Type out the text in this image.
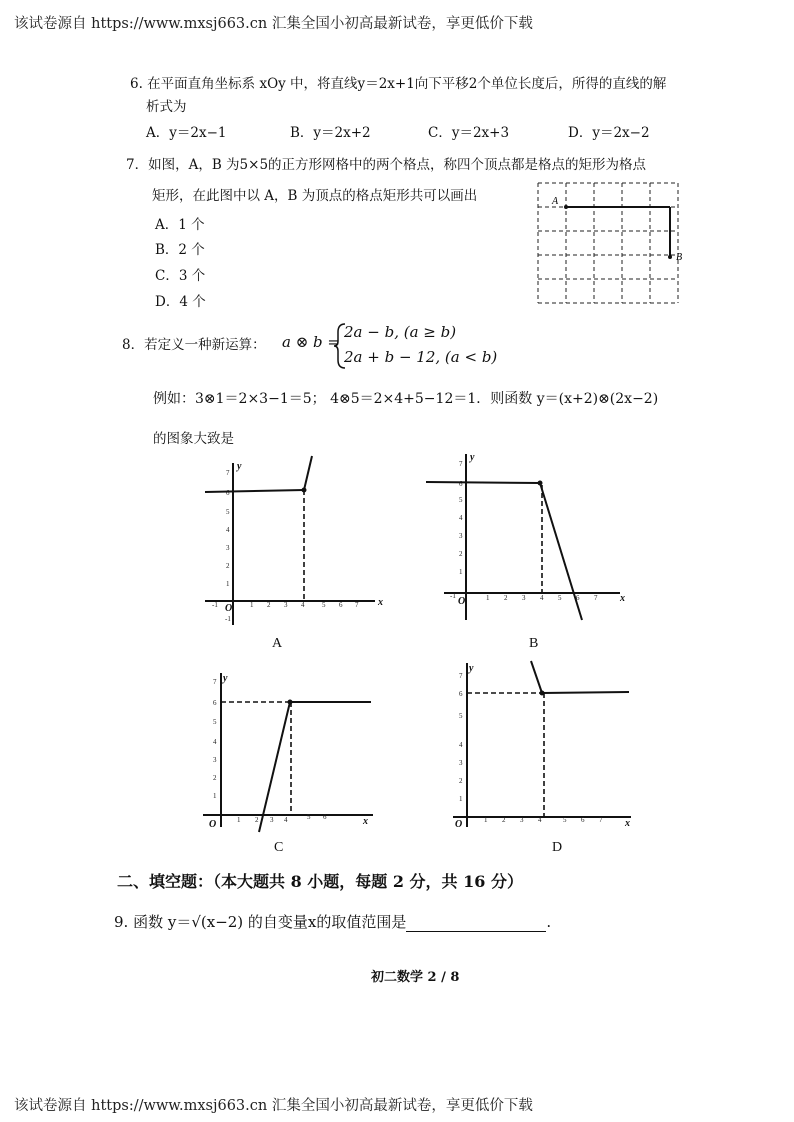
该试卷源自 https://www.mxsj663.cn 汇集全国小初高最新试卷，享更低价下载
6. 在平面直角坐标系 xOy 中，将直线y＝2x+1向下平移2个单位长度后，所得的直线的解
析式为
A．y＝2x−1	B．y＝2x+2	C．y＝2x+3	D．y＝2x−2
7．如图，A，B 为5×5的正方形网格中的两个格点，称四个顶点都是格点的矩形为格点
矩形，在此图中以 A，B 为顶点的格点矩形共可以画出
A．1 个
B．2 个
C．3 个
D．4 个
A
B
8．若定义一种新运算： a ⊗ b =
2a − b, (a ≥ b)
2a + b − 12, (a < b)
例如：3⊗1＝2×3−1＝5； 4⊗5＝2×4+5−12＝1．则函数 y＝(x+2)⊗(2x−2)
的图象大致是
x
y
O
-1	1 2 3 4	5 6 7
-1
1
2
3
4
5
6
7
A
x
y
O
-1	1 2 3 4 5 6 7
1
2
3
4
5
6
7
B
x
y
O	1 2 3 4	5 6
1
2
3
4
5
6
7
C
x
y
O	1 2 3 4	5 6 7
1
2
3
4
5
6
7
D
二、填空题：（本大题共 8 小题，每题 2 分，共 16 分）
9. 函数 y＝√(x−2) 的自变量x的取值范围是	.
初二数学 2 / 8
该试卷源自 https://www.mxsj663.cn 汇集全国小初高最新试卷，享更低价下载
